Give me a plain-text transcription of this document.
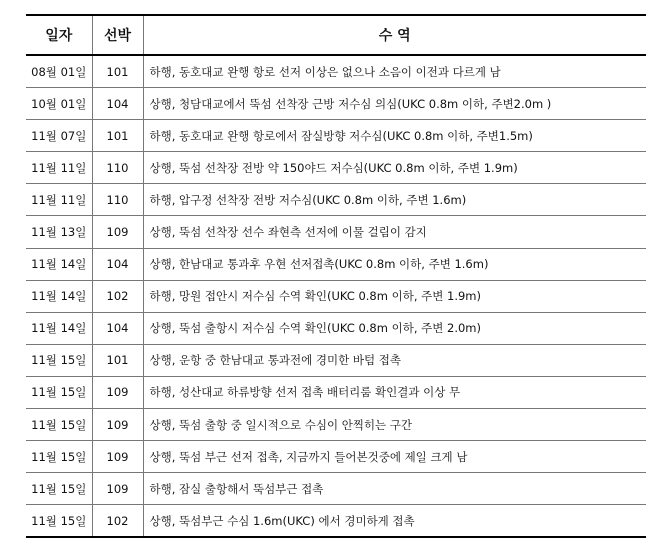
일자	선박	수 역
08월 01일	101	하행, 동호대교 완행 항로 선저 이상은 없으나 소음이 이전과 다르게 남
10월 01일	104	상행, 청담대교에서 뚝섬 선착장 근방 저수심 의심(UKC 0.8m 이하, 주변2.0m )
11월 07일	101	하행, 동호대교 완행 항로에서 잠실방향 저수심(UKC 0.8m 이하, 주변1.5m)
11월 11일	110	상행, 뚝섬 선착장 전방 약 150야드 저수심(UKC 0.8m 이하, 주변 1.9m)
11월 11일	110	하행, 압구정 선착장 전방 저수심(UKC 0.8m 이하, 주변 1.6m)
11월 13일	109	상행, 뚝섬 선착장 선수 좌현측 선저에 이물 걸림이 감지
11월 14일	104	상행, 한남대교 통과후 우현 선저접촉(UKC 0.8m 이하, 주변 1.6m)
11월 14일	102	하행, 망원 접안시 저수심 수역 확인(UKC 0.8m 이하, 주변 1.9m)
11월 14일	104	상행, 뚝섬 출항시 저수심 수역 확인(UKC 0.8m 이하, 주변 2.0m)
11월 15일	101	상행, 운항 중 한남대교 통과전에 경미한 바텀 접촉
11월 15일	109	하행, 성산대교 하류방향 선저 접촉 배터리룸 확인결과 이상 무
11월 15일	109	상행, 뚝섬 출항 중 일시적으로 수심이 안찍히는 구간
11월 15일	109	상행, 뚝섬 부근 선저 접촉, 지금까지 들어본것중에 제일 크게 남
11월 15일	109	하행, 잠실 출항해서 뚝섬부근 접촉
11월 15일	102	상행, 뚝섬부근 수심 1.6m(UKC) 에서 경미하게 접촉
